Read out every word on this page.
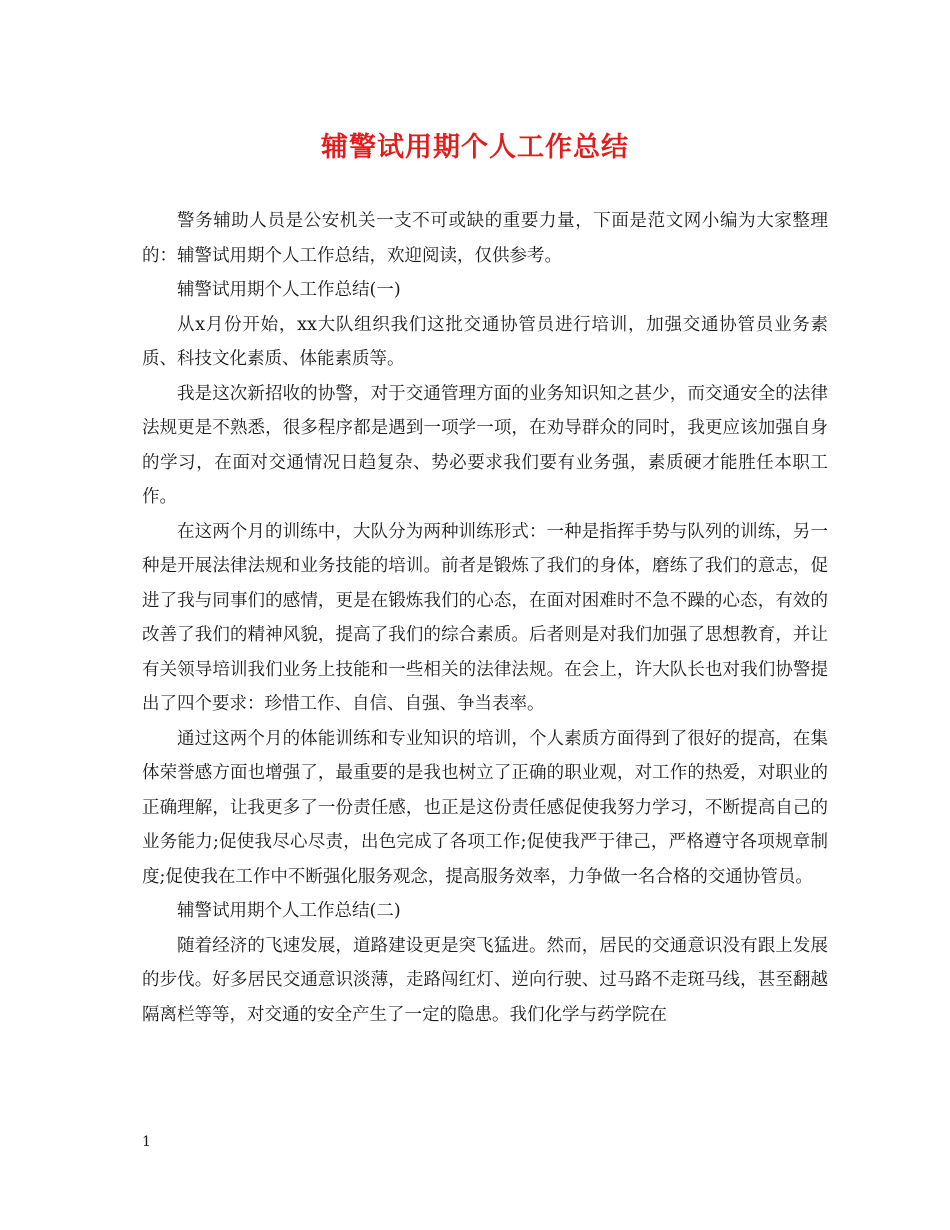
辅警试用期个人工作总结

警务辅助人员是公安机关一支不可或缺的重要力量，下面是范文网小编为大家整理的：辅警试用期个人工作总结，欢迎阅读，仅供参考。

辅警试用期个人工作总结(一)

从x月份开始，xx大队组织我们这批交通协管员进行培训，加强交通协管员业务素质、科技文化素质、体能素质等。

我是这次新招收的协警，对于交通管理方面的业务知识知之甚少，而交通安全的法律法规更是不熟悉，很多程序都是遇到一项学一项，在劝导群众的同时，我更应该加强自身的学习，在面对交通情况日趋复杂、势必要求我们要有业务强，素质硬才能胜任本职工作。

在这两个月的训练中，大队分为两种训练形式：一种是指挥手势与队列的训练，另一种是开展法律法规和业务技能的培训。前者是锻炼了我们的身体，磨练了我们的意志，促进了我与同事们的感情，更是在锻炼我们的心态，在面对困难时不急不躁的心态，有效的改善了我们的精神风貌，提高了我们的综合素质。后者则是对我们加强了思想教育，并让有关领导培训我们业务上技能和一些相关的法律法规。在会上，许大队长也对我们协警提出了四个要求：珍惜工作、自信、自强、争当表率。

通过这两个月的体能训练和专业知识的培训，个人素质方面得到了很好的提高，在集体荣誉感方面也增强了，最重要的是我也树立了正确的职业观，对工作的热爱，对职业的正确理解，让我更多了一份责任感，也正是这份责任感促使我努力学习，不断提高自己的业务能力;促使我尽心尽责，出色完成了各项工作;促使我严于律己，严格遵守各项规章制度;促使我在工作中不断强化服务观念，提高服务效率，力争做一名合格的交通协管员。

辅警试用期个人工作总结(二)

随着经济的飞速发展，道路建设更是突飞猛进。然而，居民的交通意识没有跟上发展的步伐。好多居民交通意识淡薄，走路闯红灯、逆向行驶、过马路不走斑马线，甚至翻越隔离栏等等，对交通的安全产生了一定的隐患。我们化学与药学院在

1
